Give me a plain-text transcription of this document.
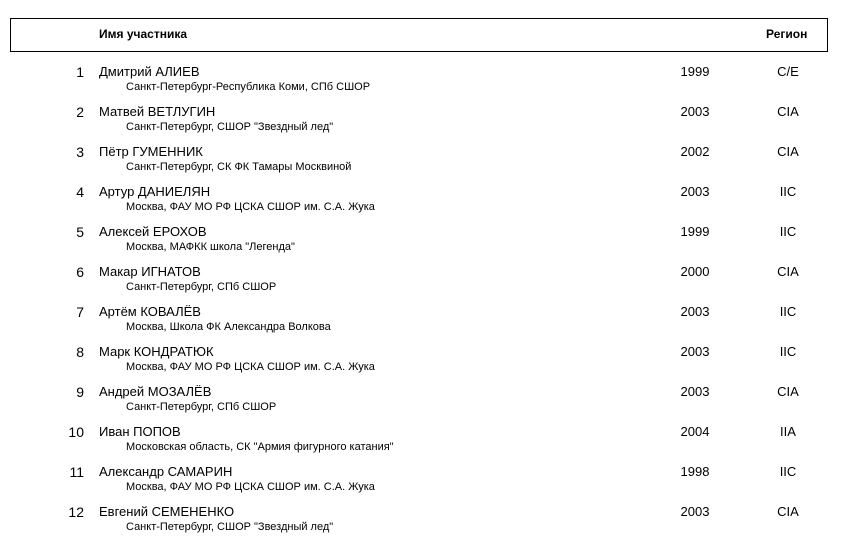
Имя участника	Регион
1 Дмитрий АЛИЕВ
Санкт-Петербург-Республика Коми, СПб СШОР
1999	C/E
2 Матвей ВЕТЛУГИН
Санкт-Петербург, СШОР "Звездный лед"
2003	CIA
3 Пётр ГУМЕННИК
Санкт-Петербург, СК ФК Тамары Москвиной
2002	CIA
4 Артур ДАНИЕЛЯН
Москва, ФАУ МО РФ ЦСКА СШОР им. С.А. Жука
2003	IIC
5 Алексей ЕРОХОВ
Москва, МАФКК школа "Легенда"
1999	IIC
6 Макар ИГНАТОВ
Санкт-Петербург, СПб СШОР
2000	CIA
7 Артём КОВАЛЁВ
Москва, Школа ФК Александра Волкова
2003	IIC
8 Марк КОНДРАТЮК
Москва, ФАУ МО РФ ЦСКА СШОР им. С.А. Жука
2003	IIC
9 Андрей МОЗАЛЁВ
Санкт-Петербург, СПб СШОР
2003	CIA
10 Иван ПОПОВ
Московская область, СК "Армия фигурного катания"
2004	IIA
11 Александр САМАРИН
Москва, ФАУ МО РФ ЦСКА СШОР им. С.А. Жука
1998	IIC
12 Евгений СЕМЕНЕНКО
Санкт-Петербург, СШОР "Звездный лед"
2003	CIA
